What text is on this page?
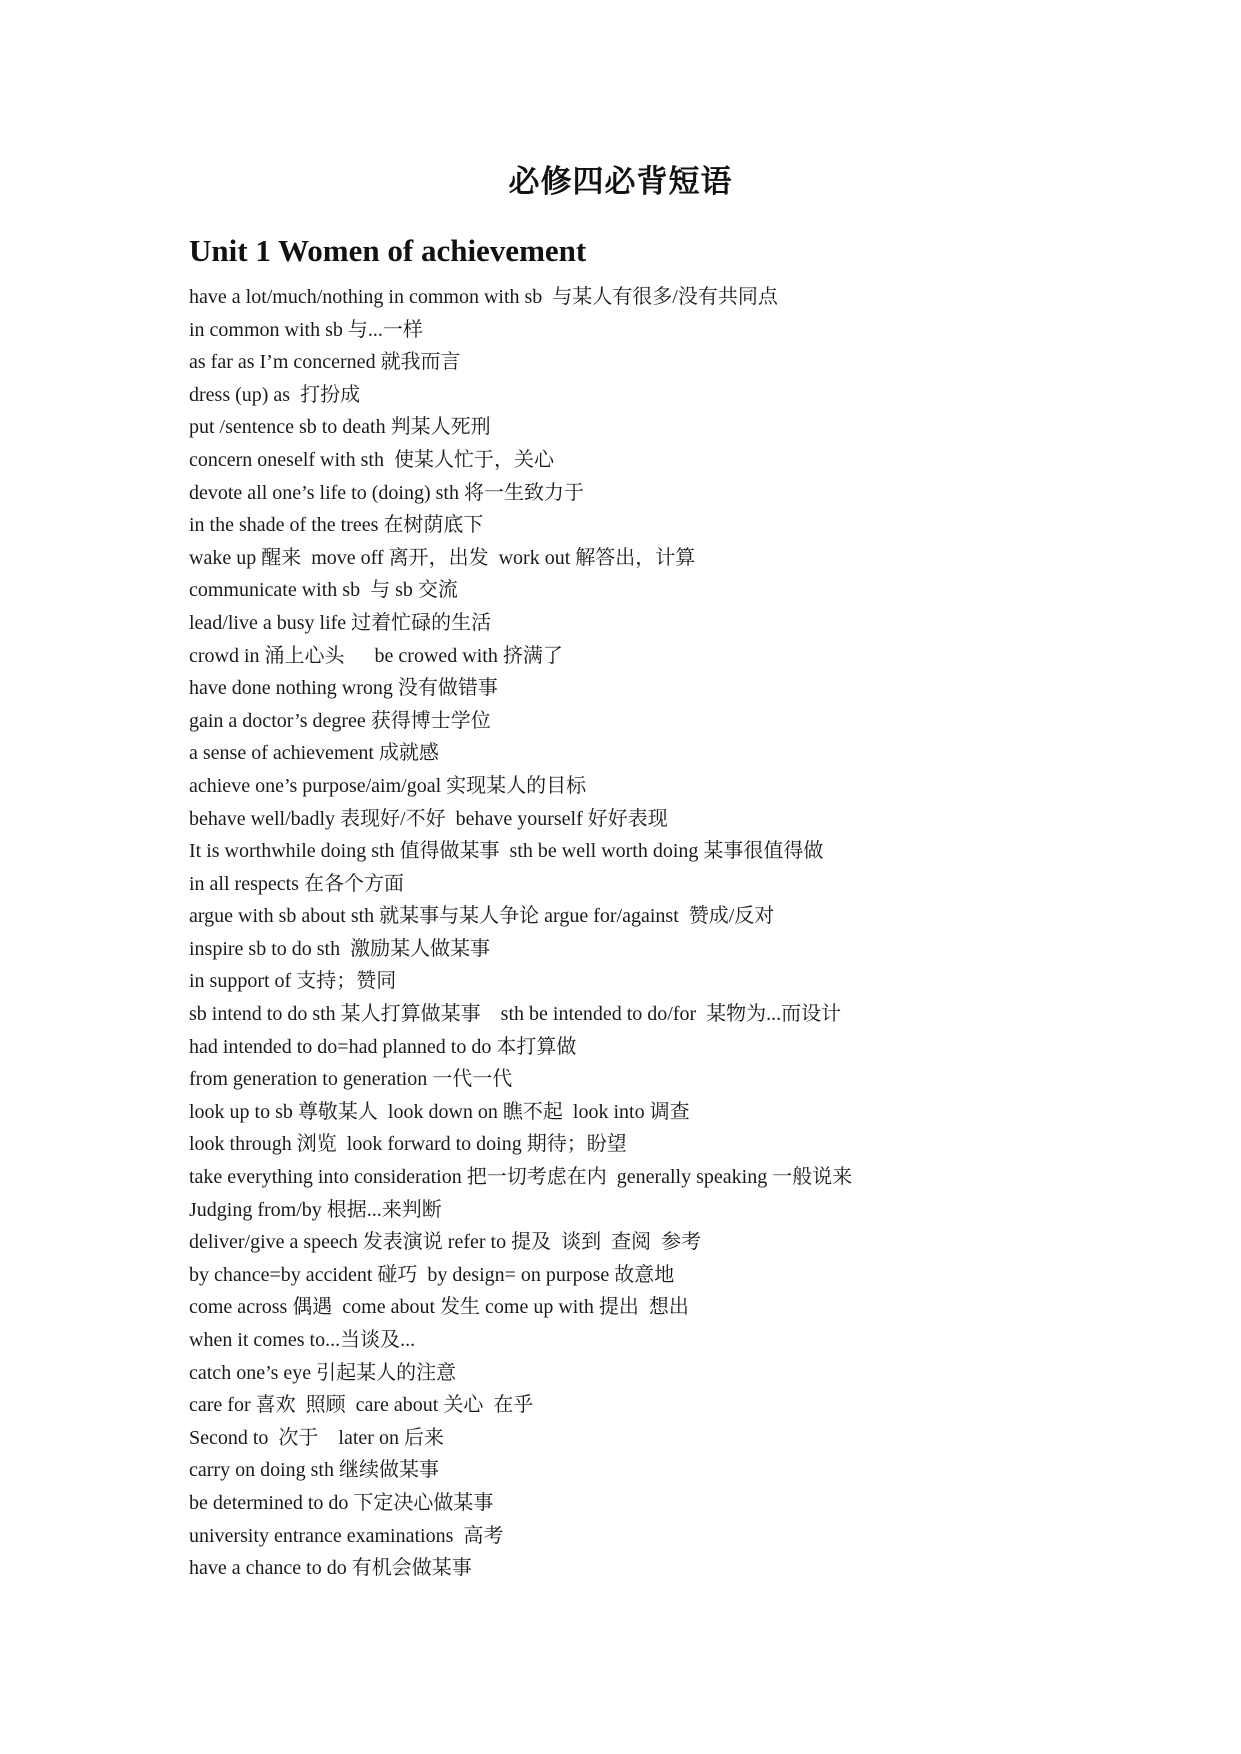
必修四必背短语
Unit 1 Women of achievement
have a lot/much/nothing in common with sb  与某人有很多/没有共同点
in common with sb 与...一样
as far as I’m concerned 就我而言
dress (up) as  打扮成
put /sentence sb to death 判某人死刑
concern oneself with sth  使某人忙于，关心
devote all one’s life to (doing) sth 将一生致力于
in the shade of the trees 在树荫底下
wake up 醒来  move off 离开，出发  work out 解答出，计算
communicate with sb  与 sb 交流
lead/live a busy life 过着忙碌的生活
crowd in 涌上心头      be crowed with 挤满了
have done nothing wrong 没有做错事
gain a doctor’s degree 获得博士学位
a sense of achievement 成就感
achieve one’s purpose/aim/goal 实现某人的目标
behave well/badly 表现好/不好  behave yourself 好好表现
It is worthwhile doing sth 值得做某事  sth be well worth doing 某事很值得做
in all respects 在各个方面
argue with sb about sth 就某事与某人争论 argue for/against  赞成/反对
inspire sb to do sth  激励某人做某事
in support of 支持；赞同
sb intend to do sth 某人打算做某事    sth be intended to do/for  某物为...而设计
had intended to do=had planned to do 本打算做
from generation to generation 一代一代
look up to sb 尊敬某人  look down on 瞧不起  look into 调查
look through 浏览  look forward to doing 期待；盼望
take everything into consideration 把一切考虑在内  generally speaking 一般说来
Judging from/by 根据...来判断
deliver/give a speech 发表演说 refer to 提及  谈到  查阅  参考
by chance=by accident 碰巧  by design= on purpose 故意地
come across 偶遇  come about 发生 come up with 提出  想出
when it comes to...当谈及...
catch one’s eye 引起某人的注意
care for 喜欢  照顾  care about 关心  在乎
Second to  次于    later on 后来
carry on doing sth 继续做某事
be determined to do 下定决心做某事
university entrance examinations  高考
have a chance to do 有机会做某事
